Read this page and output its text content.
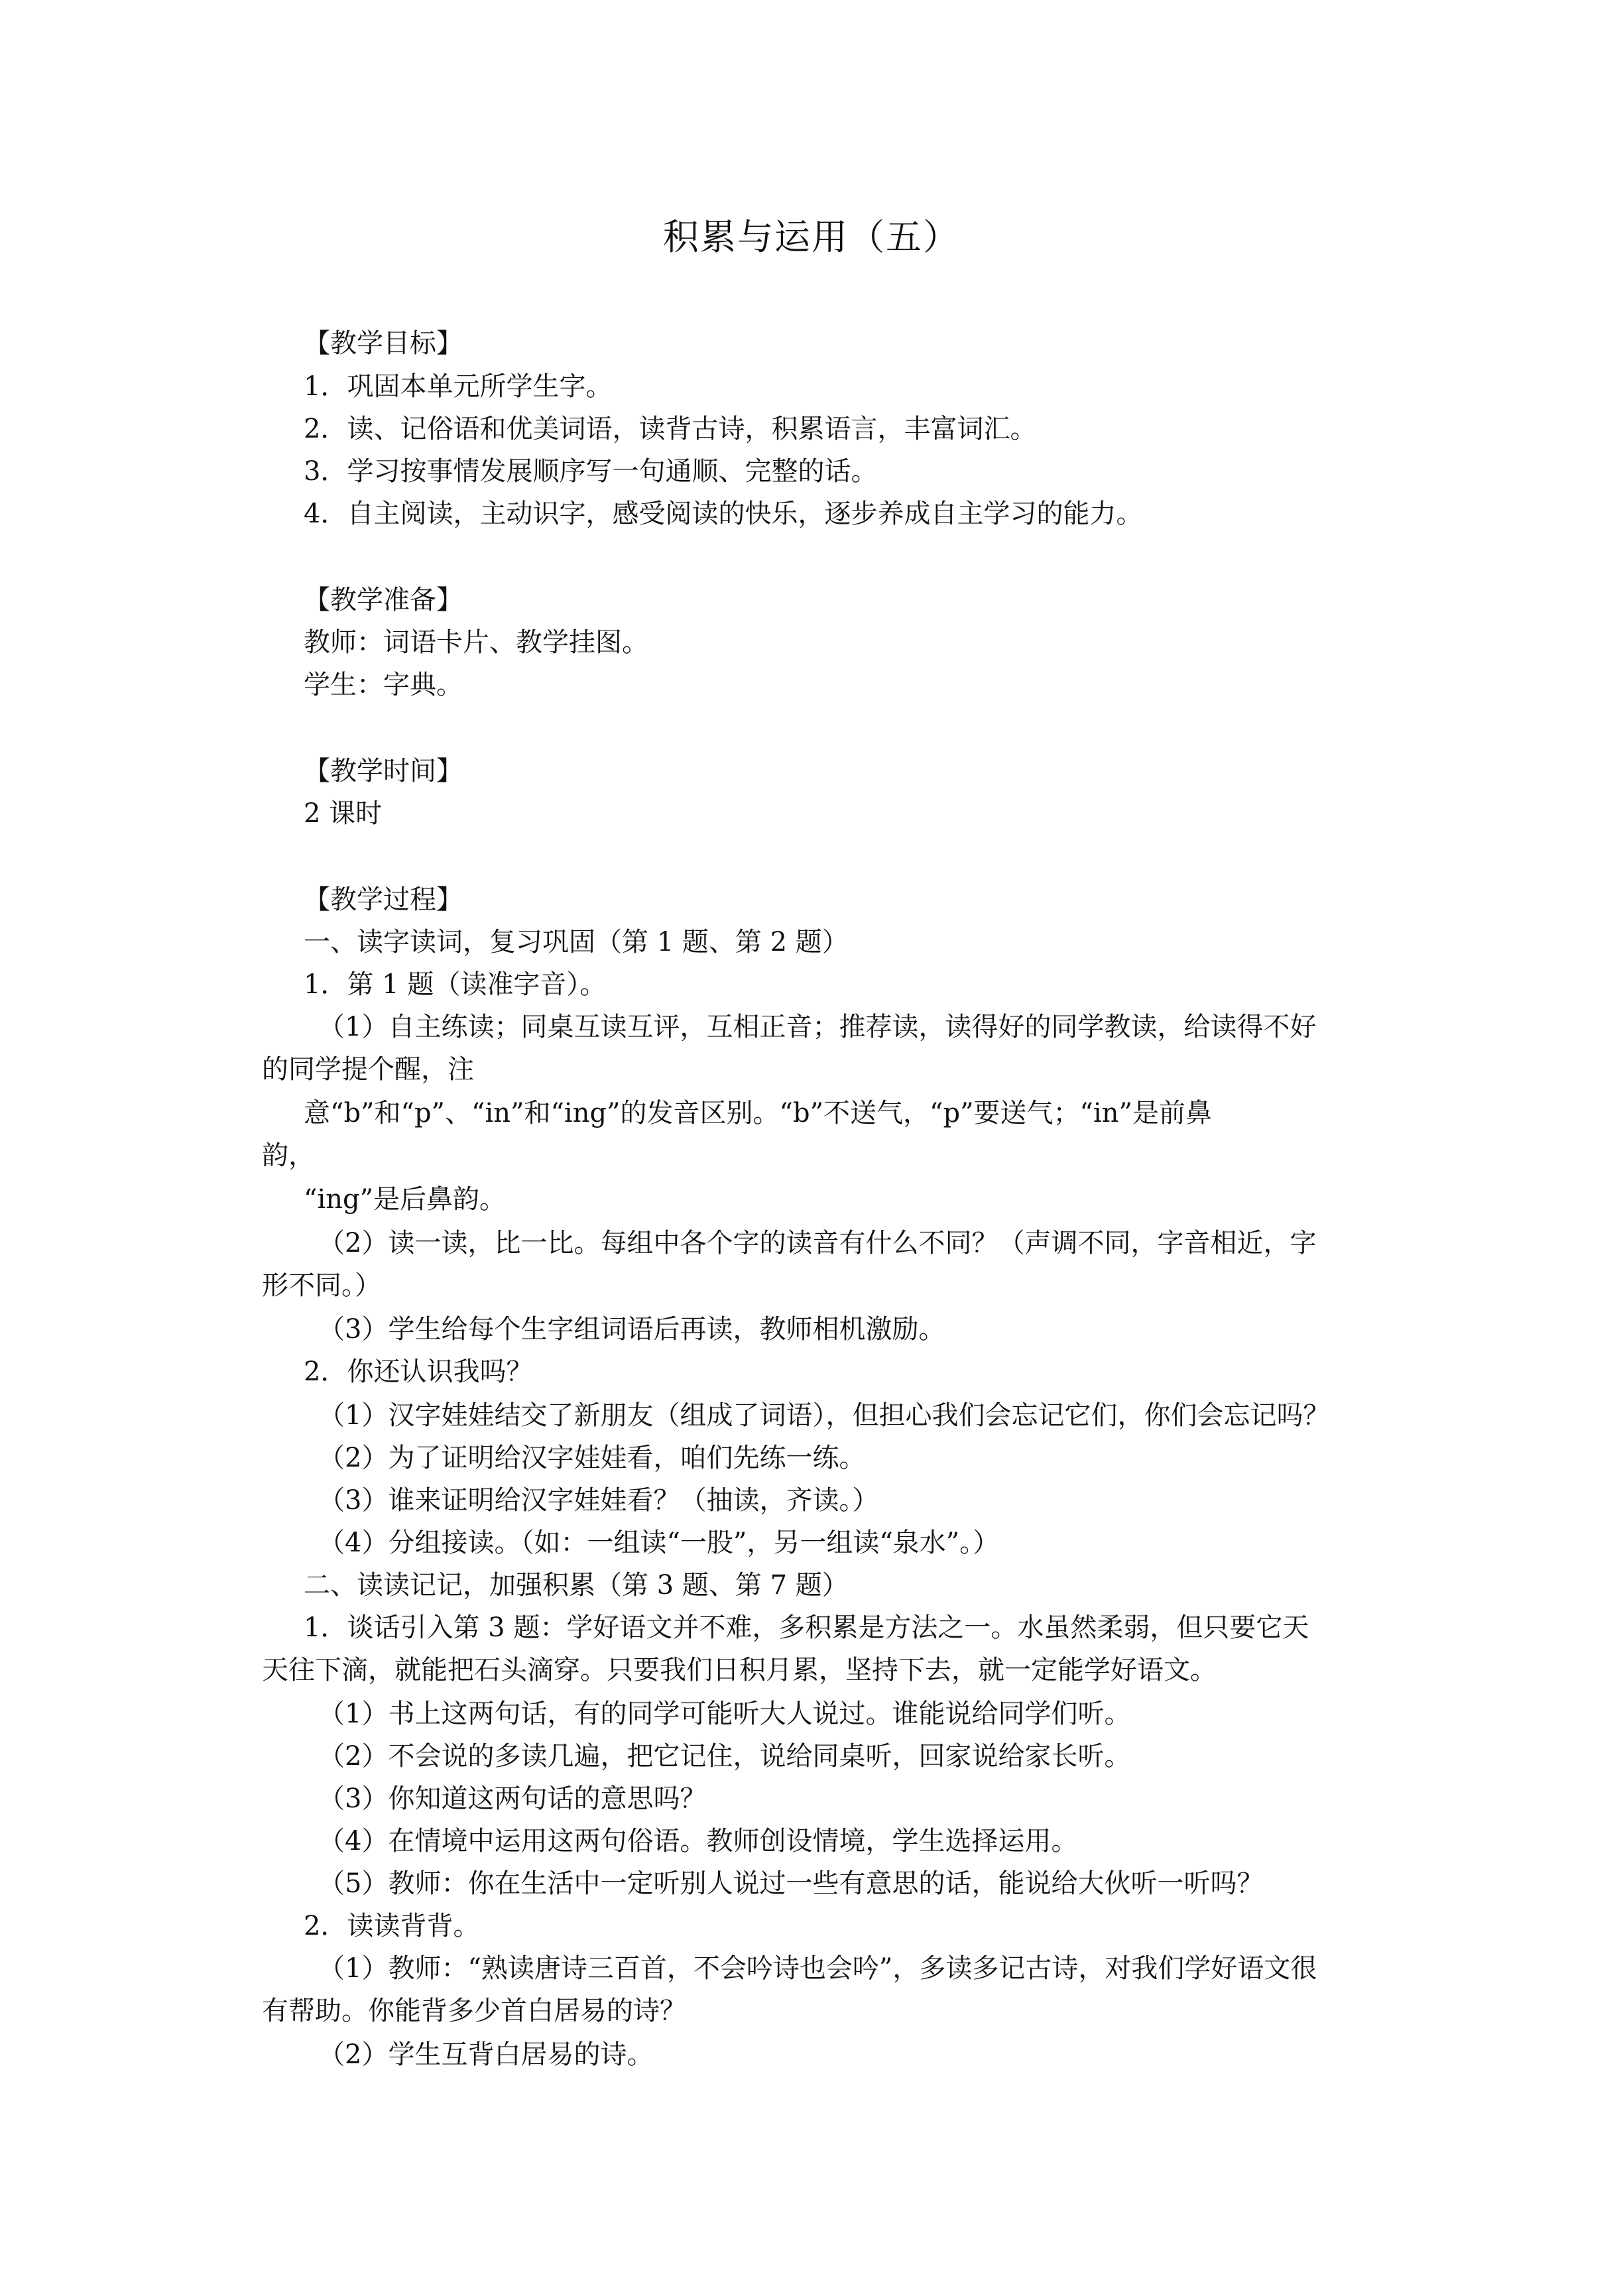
积累与运用（五）
【教学目标】
1．巩固本单元所学生字。
2．读、记俗语和优美词语，读背古诗，积累语言，丰富词汇。
3．学习按事情发展顺序写一句通顺、完整的话。
4．自主阅读，主动识字，感受阅读的快乐，逐步养成自主学习的能力。
【教学准备】
教师：词语卡片、教学挂图。
学生：字典。
【教学时间】
2 课时
【教学过程】
一、读字读词，复习巩固（第 1 题、第 2 题）
1．第 1 题（读准字音）。
（1）自主练读；同桌互读互评，互相正音；推荐读，读得好的同学教读，给读得不好
的同学提个醒，注
意“b”和“p”、“in”和“ing”的发音区别。“b”不送气，“p”要送气；“in”是前鼻
韵，
“ing”是后鼻韵。
（2）读一读，比一比。每组中各个字的读音有什么不同？（声调不同，字音相近，字
形不同。）
（3）学生给每个生字组词语后再读，教师相机激励。
2．你还认识我吗？
（1）汉字娃娃结交了新朋友（组成了词语），但担心我们会忘记它们，你们会忘记吗？
（2）为了证明给汉字娃娃看，咱们先练一练。
（3）谁来证明给汉字娃娃看？（抽读，齐读。）
（4）分组接读。（如：一组读“一股”，另一组读“泉水”。）
二、读读记记，加强积累（第 3 题、第 7 题）
1．谈话引入第 3 题：学好语文并不难，多积累是方法之一。水虽然柔弱，但只要它天
天往下滴，就能把石头滴穿。只要我们日积月累，坚持下去，就一定能学好语文。
（1）书上这两句话，有的同学可能听大人说过。谁能说给同学们听。
（2）不会说的多读几遍，把它记住，说给同桌听，回家说给家长听。
（3）你知道这两句话的意思吗？
（4）在情境中运用这两句俗语。教师创设情境，学生选择运用。
（5）教师：你在生活中一定听别人说过一些有意思的话，能说给大伙听一听吗？
2．读读背背。
（1）教师：“熟读唐诗三百首，不会吟诗也会吟”，多读多记古诗，对我们学好语文很
有帮助。你能背多少首白居易的诗？
（2）学生互背白居易的诗。
